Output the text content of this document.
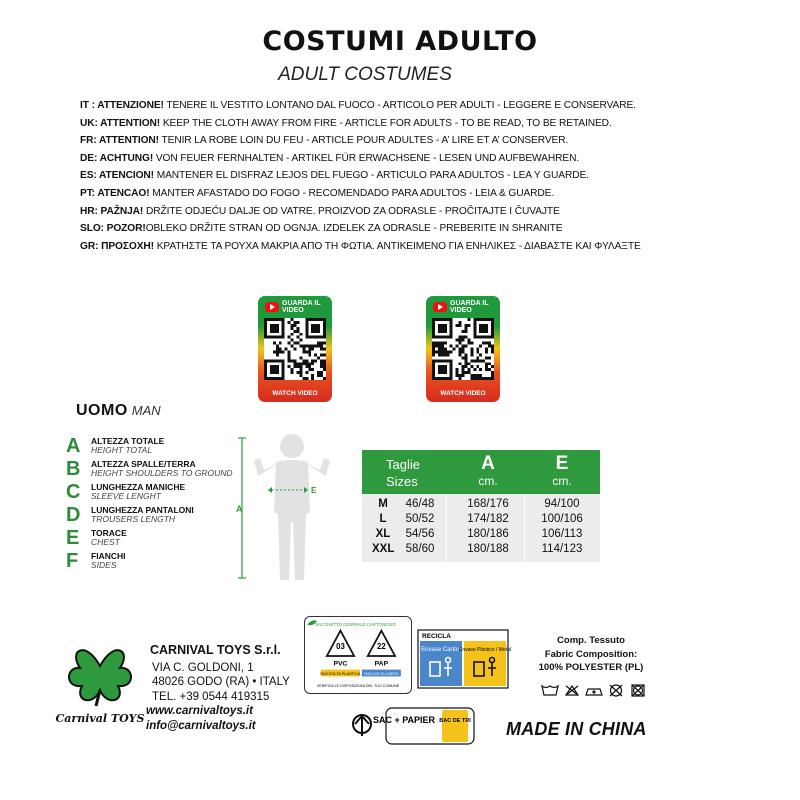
COSTUMI ADULTO
ADULT COSTUMES
IT : ATTENZIONE! TENERE IL VESTITO LONTANO DAL FUOCO - ARTICOLO PER ADULTI - LEGGERE E CONSERVARE.
UK: ATTENTION! KEEP THE CLOTH AWAY FROM FIRE - ARTICLE FOR ADULTS - TO BE READ, TO BE RETAINED.
FR: ATTENTION! TENIR LA ROBE LOIN DU FEU - ARTICLE POUR ADULTES - A’ LIRE ET A’ CONSERVER.
DE: ACHTUNG! VON FEUER FERNHALTEN - ARTIKEL FÜR ERWACHSENE - LESEN UND AUFBEWAHREN.
ES: ATENCION! MANTENER EL DISFRAZ LEJOS DEL FUEGO - ARTICULO PARA ADULTOS - LEA Y GUARDE.
PT: ATENCAO! MANTER AFASTADO DO FOGO - RECOMENDADO PARA ADULTOS - LEIA & GUARDE.
HR: PAŽNJA! DRŽITE ODJEĆU DALJE OD VATRE. PROIZVOD ZA ODRASLE - PROČITAJTE I ČUVAJTE
SLO: POZOR!OBLEKO DRŽITE STRAN OD OGNJA. IZDELEK ZA ODRASLE - PREBERITE IN SHRANITE
GR: ΠΡΟΣΟΧΗ! ΚΡΑΤΗΣΤΕ ΤΑ ΡΟΥΧΑ ΜΑΚΡΙΑ ΑΠΟ ΤΗ ΦΩΤΙΑ. ΑΝΤΙΚΕΙΜΕΝΟ ΓΙΑ ΕΝΗΛΙΚΕΣ - ΔΙΑΒΑΣΤΕ ΚΑΙ ΦΥΛΑΞΤΕ
GUARDA IL VIDEO
WATCH VIDEO
GUARDA IL VIDEO
WATCH VIDEO
UOMO MAN
A	ALTEZZA TOTALE
HEIGHT TOTAL
B	ALTEZZA SPALLE/TERRA
HEIGHT SHOULDERS TO GROUND
C	LUNGHEZZA MANICHE
SLEEVE LENGHT
D	LUNGHEZZA PANTALONI
TROUSERS LENGTH
E	TORACE
CHEST
F	FIANCHI
SIDES
A
E
Taglie
Sizes
A
cm.
E
cm.
M	46/48	168/176	94/100
L	50/52	174/182	100/106
XL	54/56	180/186	106/113
XXL 58/60	180/188	114/123
Carnival TOYS
CARNIVAL TOYS S.r.l.
VIA C. GOLDONI, 1
48026 GODO (RA) • ITALY
TEL. +39 0544 419315
www.carnivaltoys.it
info@carnivaltoys.it
SACCHETTO GIORNALE CARTONCINO
03	22
PVC	PAP
RACCOLTA PLASTICA RACCOLTA CARTA
VERIFICA LE DISPOSIZIONI DEL TUO COMUNE
RECICLA
Envase Cartón
Envase Plástico / Metal
SAC + PAPIER BAC DE TRI
Comp. Tessuto
Fabric Composition:
100% POLYESTER (PL)
MADE IN CHINA
